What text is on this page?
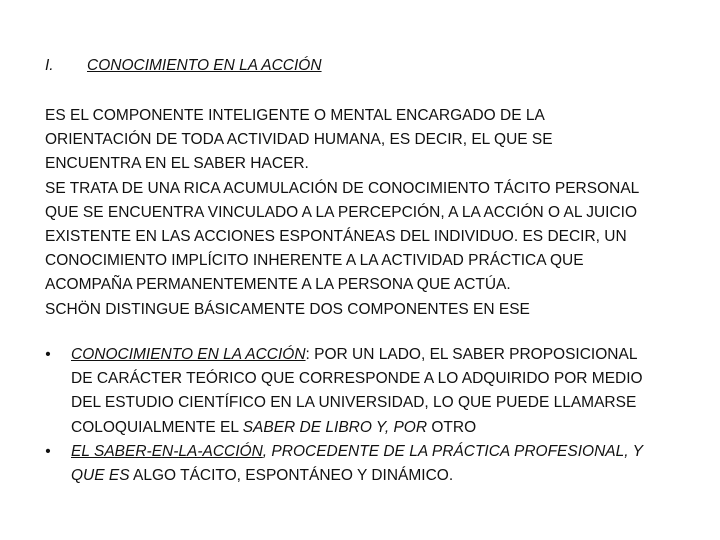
I. CONOCIMIENTO EN LA ACCIÓN
ES EL COMPONENTE INTELIGENTE O MENTAL ENCARGADO DE LA
ORIENTACIÓN DE TODA ACTIVIDAD HUMANA, ES DECIR, EL QUE SE
ENCUENTRA EN EL SABER HACER.
SE TRATA DE UNA RICA ACUMULACIÓN DE CONOCIMIENTO TÁCITO PERSONAL
QUE SE ENCUENTRA VINCULADO A LA PERCEPCIÓN, A LA ACCIÓN O AL JUICIO
EXISTENTE EN LAS ACCIONES ESPONTÁNEAS DEL INDIVIDUO. ES DECIR, UN
CONOCIMIENTO IMPLÍCITO INHERENTE A LA ACTIVIDAD PRÁCTICA QUE
ACOMPAÑA PERMANENTEMENTE A LA PERSONA QUE ACTÚA.
SCHÖN DISTINGUE BÁSICAMENTE DOS COMPONENTES EN ESE
•	CONOCIMIENTO EN LA ACCIÓN: POR UN LADO, EL SABER PROPOSICIONAL
DE CARÁCTER TEÓRICO QUE CORRESPONDE A LO ADQUIRIDO POR MEDIO
DEL ESTUDIO CIENTÍFICO EN LA UNIVERSIDAD, LO QUE PUEDE LLAMARSE
COLOQUIALMENTE EL SABER DE LIBRO Y, POR OTRO
•	EL SABER-EN-LA-ACCIÓN, PROCEDENTE DE LA PRÁCTICA PROFESIONAL, Y
QUE ES ALGO TÁCITO, ESPONTÁNEO Y DINÁMICO.
